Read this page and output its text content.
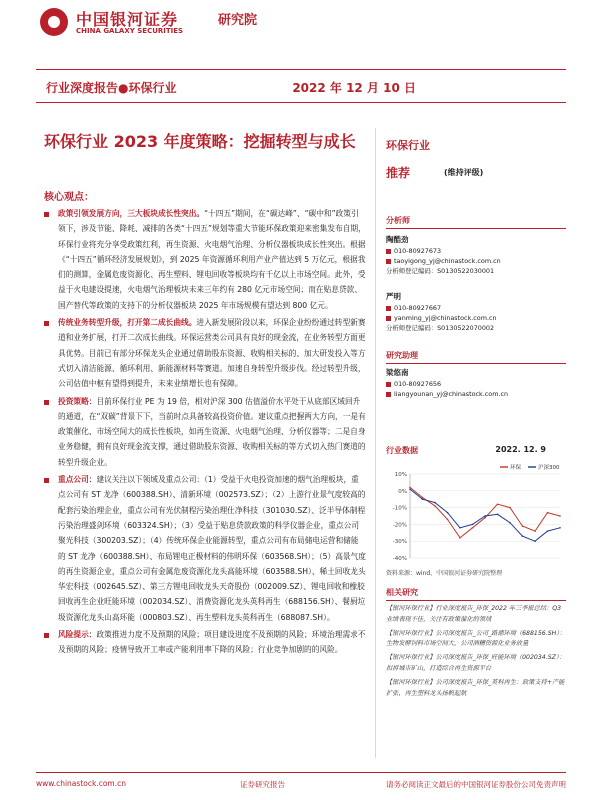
中国银河证券
CHINA GALAXY SECURITIES
研究院
行业深度报告●环保行业	2022 年 12 月 10 日
环保行业 2023 年度策略：挖掘转型与成长
核心观点：
政策引领发展方向，三大板块成长性突出。“十四五”期间，在“碳达峰”、“碳中和”政策引领下，涉及节能、降耗、减排的各类“十四五”规划等重大节能环保政策迎来密集发布自期，环保行业将充分享受政策红利，再生资源、火电烟气治理、分析仪器板块成长性突出。根据《“十四五”循环经济发展规划》，到 2025 年资源循环利用产业产值达到 5 万亿元，根据我们的测算，金属危废资源化、再生塑料、锂电回收等板块均有千亿以上市场空间。此外，受益于火电建设提速，火电烟气治理板块未来三年约有 280 亿元市场空间；而在贴息贷款、国产替代等政策的支持下的分析仪器板块 2025 年市场规模有望达到 800 亿元。
传统业务转型升级，打开第二成长曲线。进入新发展阶段以来，环保企业纷纷通过转型新赛道和业务扩展，打开二次成长曲线。环保运营类公司具有良好的现金流，在业务转型方面更具优势。目前已有部分环保龙头企业通过借助股东资源、收购相关标的、加大研发投入等方式切入清洁能源、循环利用、新能源材料等赛道。加速自身转型升级步伐。经过转型升级，公司估值中枢有望得到提升，未来业绩增长也有保障。
投资策略：目前环保行业 PE 为 19 倍，相对沪深 300 估值溢价水平处于从底部区域回升的通道，在“双碳”背景下下，当前时点具备较高投资价值。建议重点把握两大方向，一是有政策催化、市场空间大的成长性板块，如再生资源、火电烟气治理、分析仪器等；二是自身业务稳健，拥有良好现金流支撑，通过借助股东资源、收购相关标的等方式切入热门赛道的转型升级企业。
重点公司：建议关注以下领域及重点公司：（1）受益于火电投资加速的烟气治理板块，重点公司有 ST 龙净（600388.SH）、清新环境（002573.SZ）；（2）上游行业景气度较高的配套污染治理企业，重点公司有光伏制程污染治理仕净科技（301030.SZ）、泛半导体制程污染治理盛剑环境（603324.SH）；（3）受益于贴息贷款政策的科学仪器企业，重点公司聚光科技（300203.SZ）；（4）传统环保企业能源转型，重点公司有布局储电运营和储能的 ST 龙净（600388.SH）、布局锂电正极材料的伟明环保（603568.SH）；（5）高景气度的再生资源企业，重点公司有金属危废资源化龙头高能环境（603588.SH）、稀土回收龙头华宏科技（002645.SZ）、第三方锂电回收龙头天奇股份（002009.SZ）、锂电回收和橡胶回收再生企业旺能环境（002034.SZ）、消费资源化龙头英科再生（688156.SH）、餐厨垃圾资源化龙头山高环能（000803.SZ）、再生塑料龙头英科再生（688087.SH）。
风险提示：政策推进力度不及预期的风险；项目建设进度不及预期的风险；环境治理需求不及预期的风险；疫情导致开工率或产能利用率下降的风险；行业竞争加剧的的风险。
环保行业
推荐	(维持评级)
分析师
陶酷劲
010-80927673
taoyigong_yj@chinastock.com.cn
分析师登记编码：S0130522030001
严明
010-80927667
yanming_yj@chinastock.com.cn
分析师登记编码：S0130522070002
研究助理
梁悠南
010-80927656
liangyounan_yj@chinastock.com.cn
行业数据	2022. 12. 9
10%
0%
-10%
-20%
-30%
-40%
环保	沪深300
资料来源：wind，中国银河证券研究院整理
相关研究
【银河环保行业】行业深度报告_环保_2022 年三季报总结：Q3 业绩表现不佳，关注有政策催化的领域
【银河环保行业】公司深度报告_公司_路德环境（688156.SH）：生物发酵饲料市场空间大，公司酒糟资源化业务放量
【银河环保行业】公司深度报告_环保_旺能环境（002034.SZ）：拟拆城市矿山，打造综合再生资源平台
【银河环保行业】公司深度报告_环保_英科再生：政策支持+产能扩张，再生塑料龙头扬帆起航
www.chinastock.com.cn	证券研究报告	请务必阅读正文最后的中国银河证券股份公司免责声明
